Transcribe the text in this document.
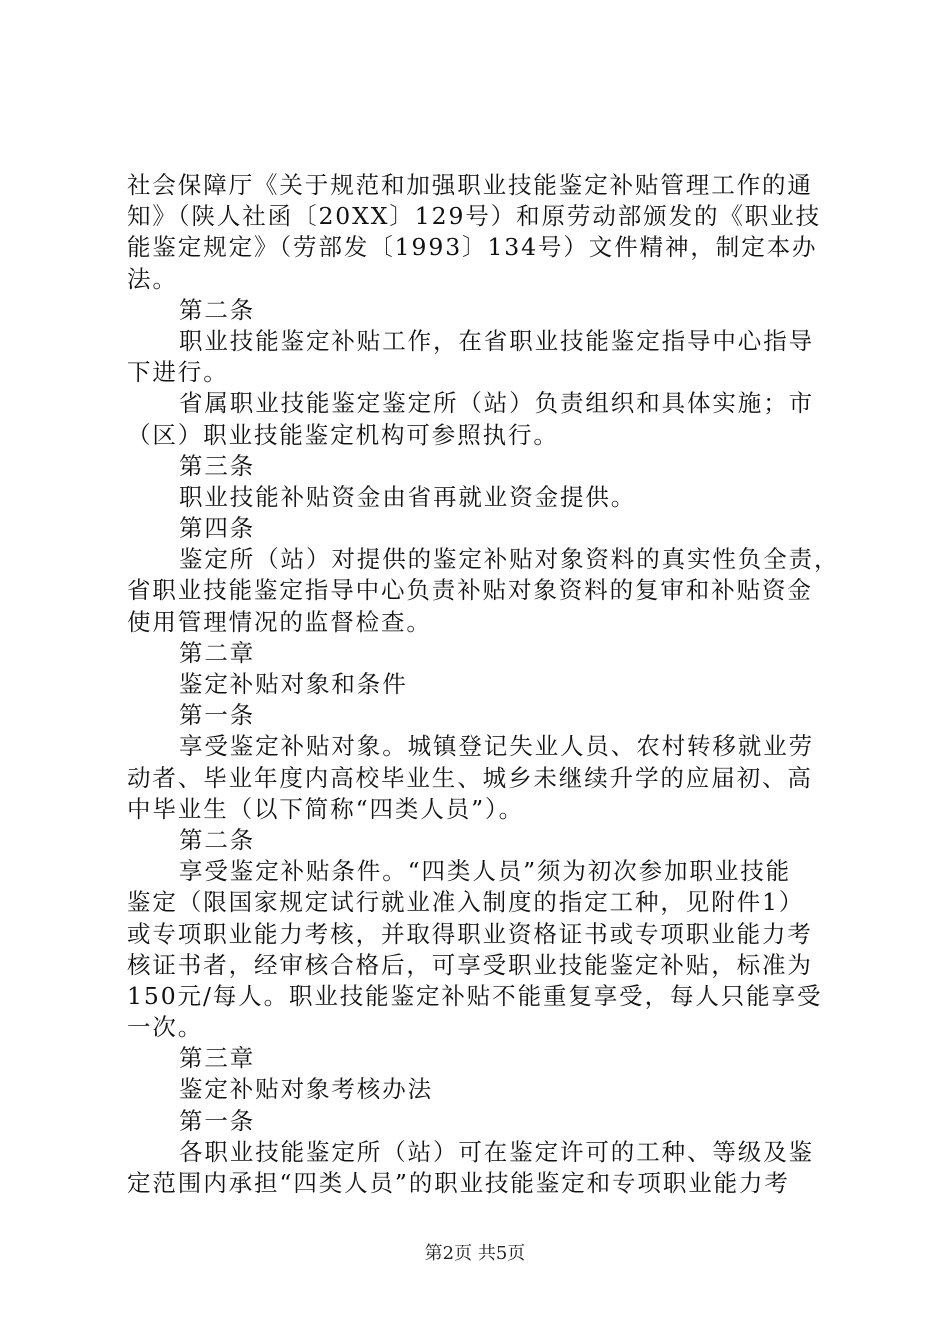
社会保障厅《关于规范和加强职业技能鉴定补贴管理工作的通
知》（陕人社函〔20XX〕129号）和原劳动部颁发的《职业技
能鉴定规定》（劳部发〔1993〕134号）文件精神，制定本办
法。
第二条
职业技能鉴定补贴工作，在省职业技能鉴定指导中心指导
下进行。
省属职业技能鉴定鉴定所（站）负责组织和具体实施；市
（区）职业技能鉴定机构可参照执行。
第三条
职业技能补贴资金由省再就业资金提供。
第四条
鉴定所（站）对提供的鉴定补贴对象资料的真实性负全责，
省职业技能鉴定指导中心负责补贴对象资料的复审和补贴资金
使用管理情况的监督检查。
第二章
鉴定补贴对象和条件
第一条
享受鉴定补贴对象。城镇登记失业人员、农村转移就业劳
动者、毕业年度内高校毕业生、城乡未继续升学的应届初、高
中毕业生（以下简称“四类人员”）。
第二条
享受鉴定补贴条件。“四类人员”须为初次参加职业技能
鉴定（限国家规定试行就业准入制度的指定工种，见附件1）
或专项职业能力考核，并取得职业资格证书或专项职业能力考
核证书者，经审核合格后，可享受职业技能鉴定补贴，标准为
150元/每人。职业技能鉴定补贴不能重复享受，每人只能享受
一次。
第三章
鉴定补贴对象考核办法
第一条
各职业技能鉴定所（站）可在鉴定许可的工种、等级及鉴
定范围内承担“四类人员”的职业技能鉴定和专项职业能力考
第2页 共5页
